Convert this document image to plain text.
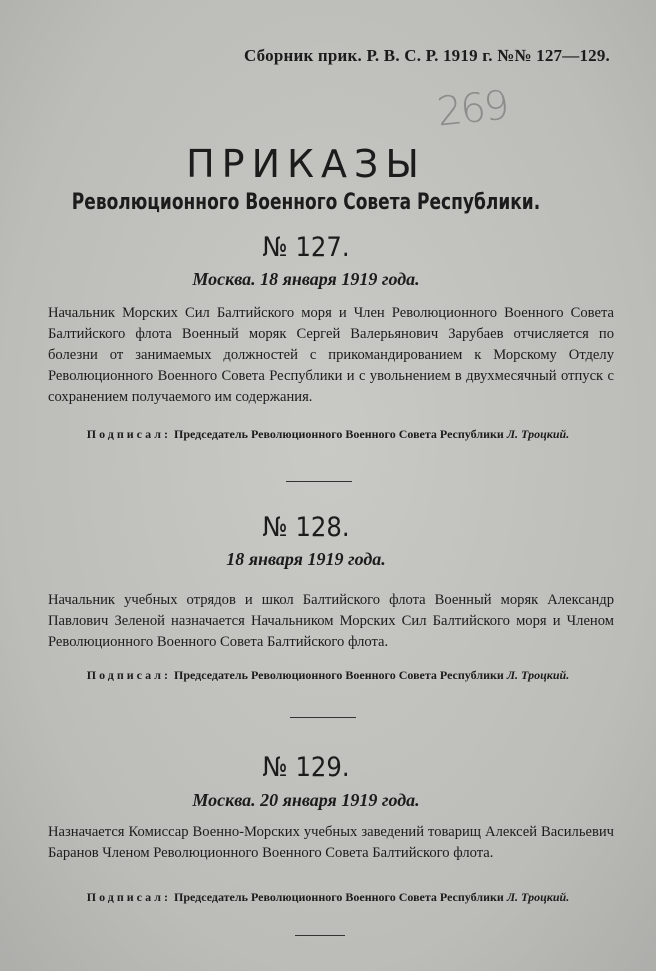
Сборник прик. Р. В. С. Р. 1919 г. №№ 127—129.
269
ПРИКАЗЫ
Революционного Военного Совета Республики.
№ 127.
Москва. 18 января 1919 года.
Начальник Морских Сил Балтийского моря и Член Революционного Военного Совета Балтийского флота Военный моряк Сергей Валерьянович Зарубаев отчисляется по болезни от занимаемых должностей с прикомандированием к Морскому Отделу Революционного Военного Совета Республики и с увольнением в двухмесячный отпуск с сохранением получаемого им содержания.
Подписал: Председатель Революционного Военного Совета Республики Л. Троцкий.
№ 128.
18 января 1919 года.
Начальник учебных отрядов и школ Балтийского флота Военный моряк Александр Павлович Зеленой назначается Начальником Морских Сил Балтийского моря и Членом Революционного Военного Совета Балтийского флота.
Подписал: Председатель Революционного Военного Совета Республики Л. Троцкий.
№ 129.
Москва. 20 января 1919 года.
Назначается Комиссар Военно-Морских учебных заведений товарищ Алексей Васильевич Баранов Членом Революционного Военного Совета Балтийского флота.
Подписал: Председатель Революционного Военного Совета Республики Л. Троцкий.
